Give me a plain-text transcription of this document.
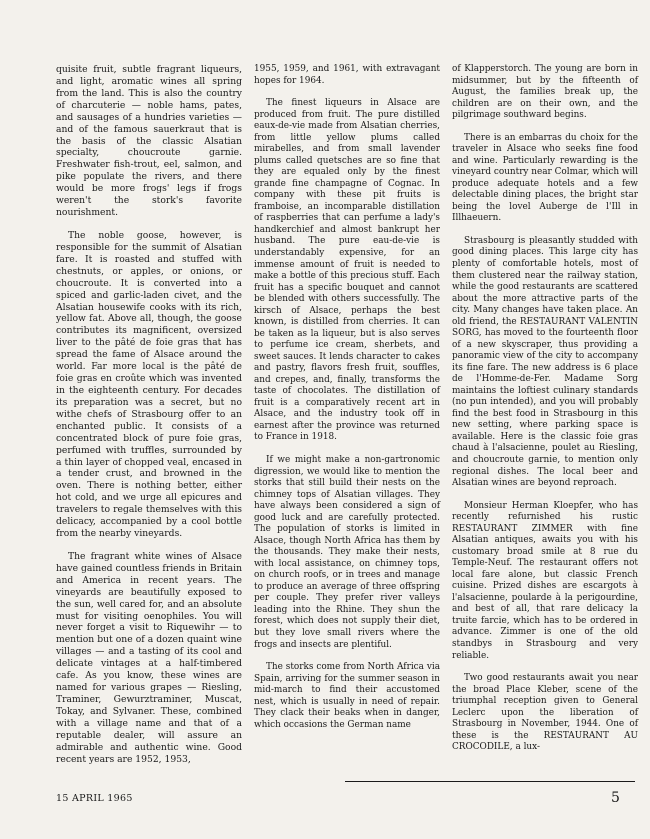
quisite fruit, subtle fragrant liqueurs, and light, aromatic wines all spring from the land. This is also the country of charcuterie — noble hams, pates, and sausages of a hundries varieties — and of the famous sauerkraut that is the basis of the classic Alsatian specialty, choucroute garnie. Freshwater fish-trout, eel, salmon, and pike populate the rivers, and there would be more frogs' legs if frogs weren't the stork's favorite nourishment.

The noble goose, however, is responsible for the summit of Alsatian fare. It is roasted and stuffed with chestnuts, or apples, or onions, or choucroute. It is converted into a spiced and garlic-laden civet, and the Alsatian housewife cooks with its rich, yellow fat. Above all, though, the goose contributes its magnificent, oversized liver to the pâté de foie gras that has spread the fame of Alsace around the world. Far more local is the pâté de foie gras en croûte which was invented in the eighteenth century. For decades its preparation was a secret, but no withe chefs of Strasbourg offer to an enchanted public. It consists of a concentrated block of pure foie gras, perfumed with truffles, surrounded by a thin layer of chopped veal, encased in a tender crust, and browned in the oven. There is nothing better, either hot cold, and we urge all epicures and travelers to regale themselves with this delicacy, accompanied by a cool bottle from the nearby vineyards.

The fragrant white wines of Alsace have gained countless friends in Britain and America in recent years. The vineyards are beautifully exposed to the sun, well cared for, and an absolute must for visiting oenophiles. You will never forget a visit to Riquewihr — to mention but one of a dozen quaint wine villages — and a tasting of its cool and delicate vintages at a half-timbered cafe. As you know, these wines are named for various grapes — Riesling, Traminer, Gewurztraminer, Muscat, Tokay, and Sylvaner. These, combined with a village name and that of a reputable dealer, will assure an admirable and authentic wine. Good recent years are 1952, 1953,

1955, 1959, and 1961, with extravagant hopes for 1964.

The finest liqueurs in Alsace are produced from fruit. The pure distilled eaux-de-vie made from Alsatian cherries, from little yellow plums called mirabelles, and from small lavender plums called quetsches are so fine that they are equaled only by the finest grande fine champagne of Cognac. In company with these pit fruits is framboise, an incomparable distillation of raspberries that can perfume a lady's handkerchief and almost bankrupt her husband. The pure eau-de-vie is understandably expensive, for an immense amount of fruit is needed to make a bottle of this precious stuff. Each fruit has a specific bouquet and cannot be blended with others successfully. The kirsch of Alsace, perhaps the best known, is distilled from cherries. It can be taken as la liqueur, but is also serves to perfume ice cream, sherbets, and sweet sauces. It lends character to cakes and pastry, flavors fresh fruit, souffles, and crepes, and, finally, transforms the taste of chocolates. The distillation of fruit is a comparatively recent art in Alsace, and the industry took off in earnest after the province was returned to France in 1918.

If we might make a non-gartronomic digression, we would like to mention the storks that still build their nests on the chimney tops of Alsatian villages. They have always been considered a sign of good luck and are carefully protected. The population of storks is limited in Alsace, though North Africa has them by the thousands. They make their nests, with local assistance, on chimney tops, on church roofs, or in trees and manage to produce an average of three offspring per couple. They prefer river valleys leading into the Rhine. They shun the forest, which does not supply their diet, but they love small rivers where the frogs and insects are plentiful.

The storks come from North Africa via Spain, arriving for the summer season in mid-march to find their accustomed nest, which is usually in need of repair. They clack their beaks when in danger, which occasions the German name

of Klapperstorch. The young are born in midsummer, but by the fifteenth of August, the families break up, the children are on their own, and the pilgrimage southward begins.

There is an embarras du choix for the traveler in Alsace who seeks fine food and wine. Particularly rewarding is the vineyard country near Colmar, which will produce adequate hotels and a few delectable dining places, the bright star being the lovel Auberge de l'Ill in Illhaeuern.

Strasbourg is pleasantly studded with good dining places. This large city has plenty of comfortable hotels, most of them clustered near the railway station, while the good restaurants are scattered about the more attractive parts of the city. Many changes have taken place. An old friend, the RESTAURANT VALENTIN SORG, has moved to the fourteenth floor of a new skyscraper, thus providing a panoramic view of the city to accompany its fine fare. The new address is 6 place de l'Homme-de-Fer. Madame Sorg maintains the loftiest culinary standards (no pun intended), and you will probably find the best food in Strasbourg in this new setting, where parking space is available. Here is the classic foie gras chaud à l'alsacienne, poulet au Riesling, and choucroute garnie, to mention only regional dishes. The local beer and Alsatian wines are beyond reproach.

Monsieur Herman Kloepfer, who has recently refurnished his rustic RESTAURANT ZIMMER with fine Alsatian antiques, awaits you with his customary broad smile at 8 rue du Temple-Neuf. The restaurant offers not local fare alone, but classic French cuisine. Prized dishes are escargots à l'alsacienne, poularde à la perigourdine, and best of all, that rare delicacy la truite farcie, which has to be ordered in advance. Zimmer is one of the old standbys in Strasbourg and very reliable.

Two good restaurants await you near the broad Place Kleber, scene of the triumphal reception given to General Leclerc upon the liberation of Strasbourg in November, 1944. One of these is the RESTAURANT AU CROCODILE, a lux-

15 APRIL 1965	5
